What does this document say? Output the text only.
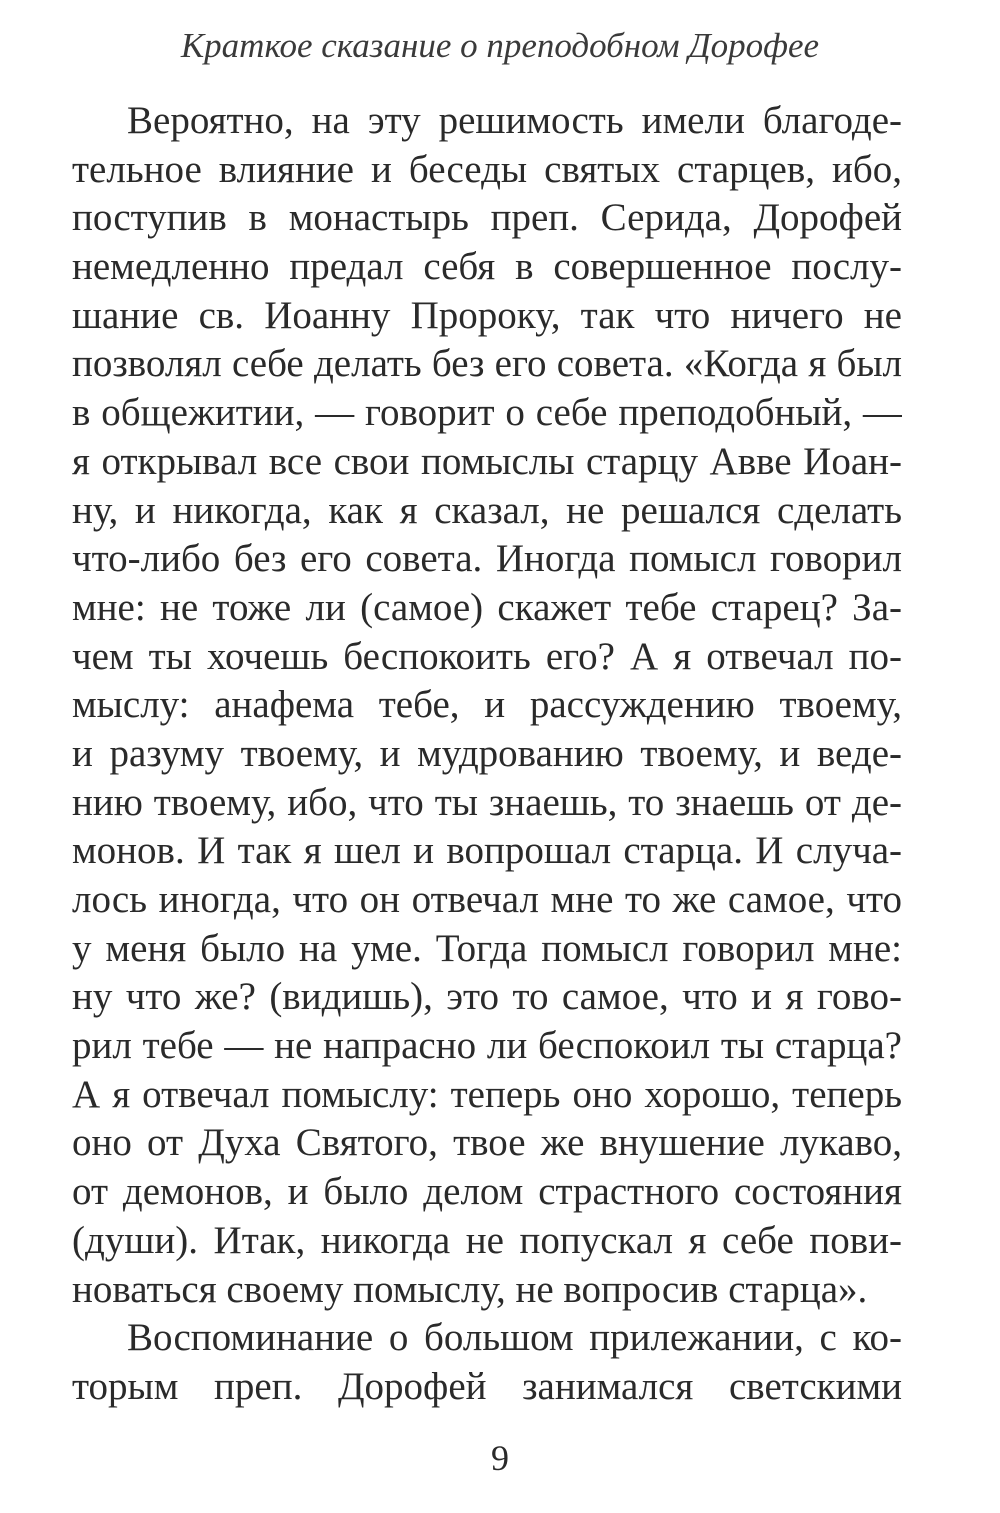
Краткое сказание о преподобном Дорофее
Вероятно, на эту решимость имели благоде-
тельное влияние и беседы святых старцев, ибо,
поступив в монастырь преп. Серида, Дорофей
немедленно предал себя в совершенное послу-
шание св. Иоанну Пророку, так что ничего не
позволял себе делать без его совета. «Когда я был
в общежитии, — говорит о себе преподобный, —
я открывал все свои помыслы старцу Авве Иоан-
ну, и никогда, как я сказал, не решался сделать
что-либо без его совета. Иногда помысл говорил
мне: не тоже ли (самое) скажет тебе старец? За-
чем ты хочешь беспокоить его? А я отвечал по-
мыслу: анафема тебе, и рассуждению твоему,
и разуму твоему, и мудрованию твоему, и веде-
нию твоему, ибо, что ты знаешь, то знаешь от де-
монов. И так я шел и вопрошал старца. И случа-
лось иногда, что он отвечал мне то же самое, что
у меня было на уме. Тогда помысл говорил мне:
ну что же? (видишь), это то самое, что и я гово-
рил тебе — не напрасно ли беспокоил ты старца?
А я отвечал помыслу: теперь оно хорошо, теперь
оно от Духа Святого, твое же внушение лукаво,
от демонов, и было делом страстного состояния
(души). Итак, никогда не попускал я себе пови-
новаться своему помыслу, не вопросив старца».
Воспоминание о большом прилежании, с ко-
торым преп. Дорофей занимался светскими
9
